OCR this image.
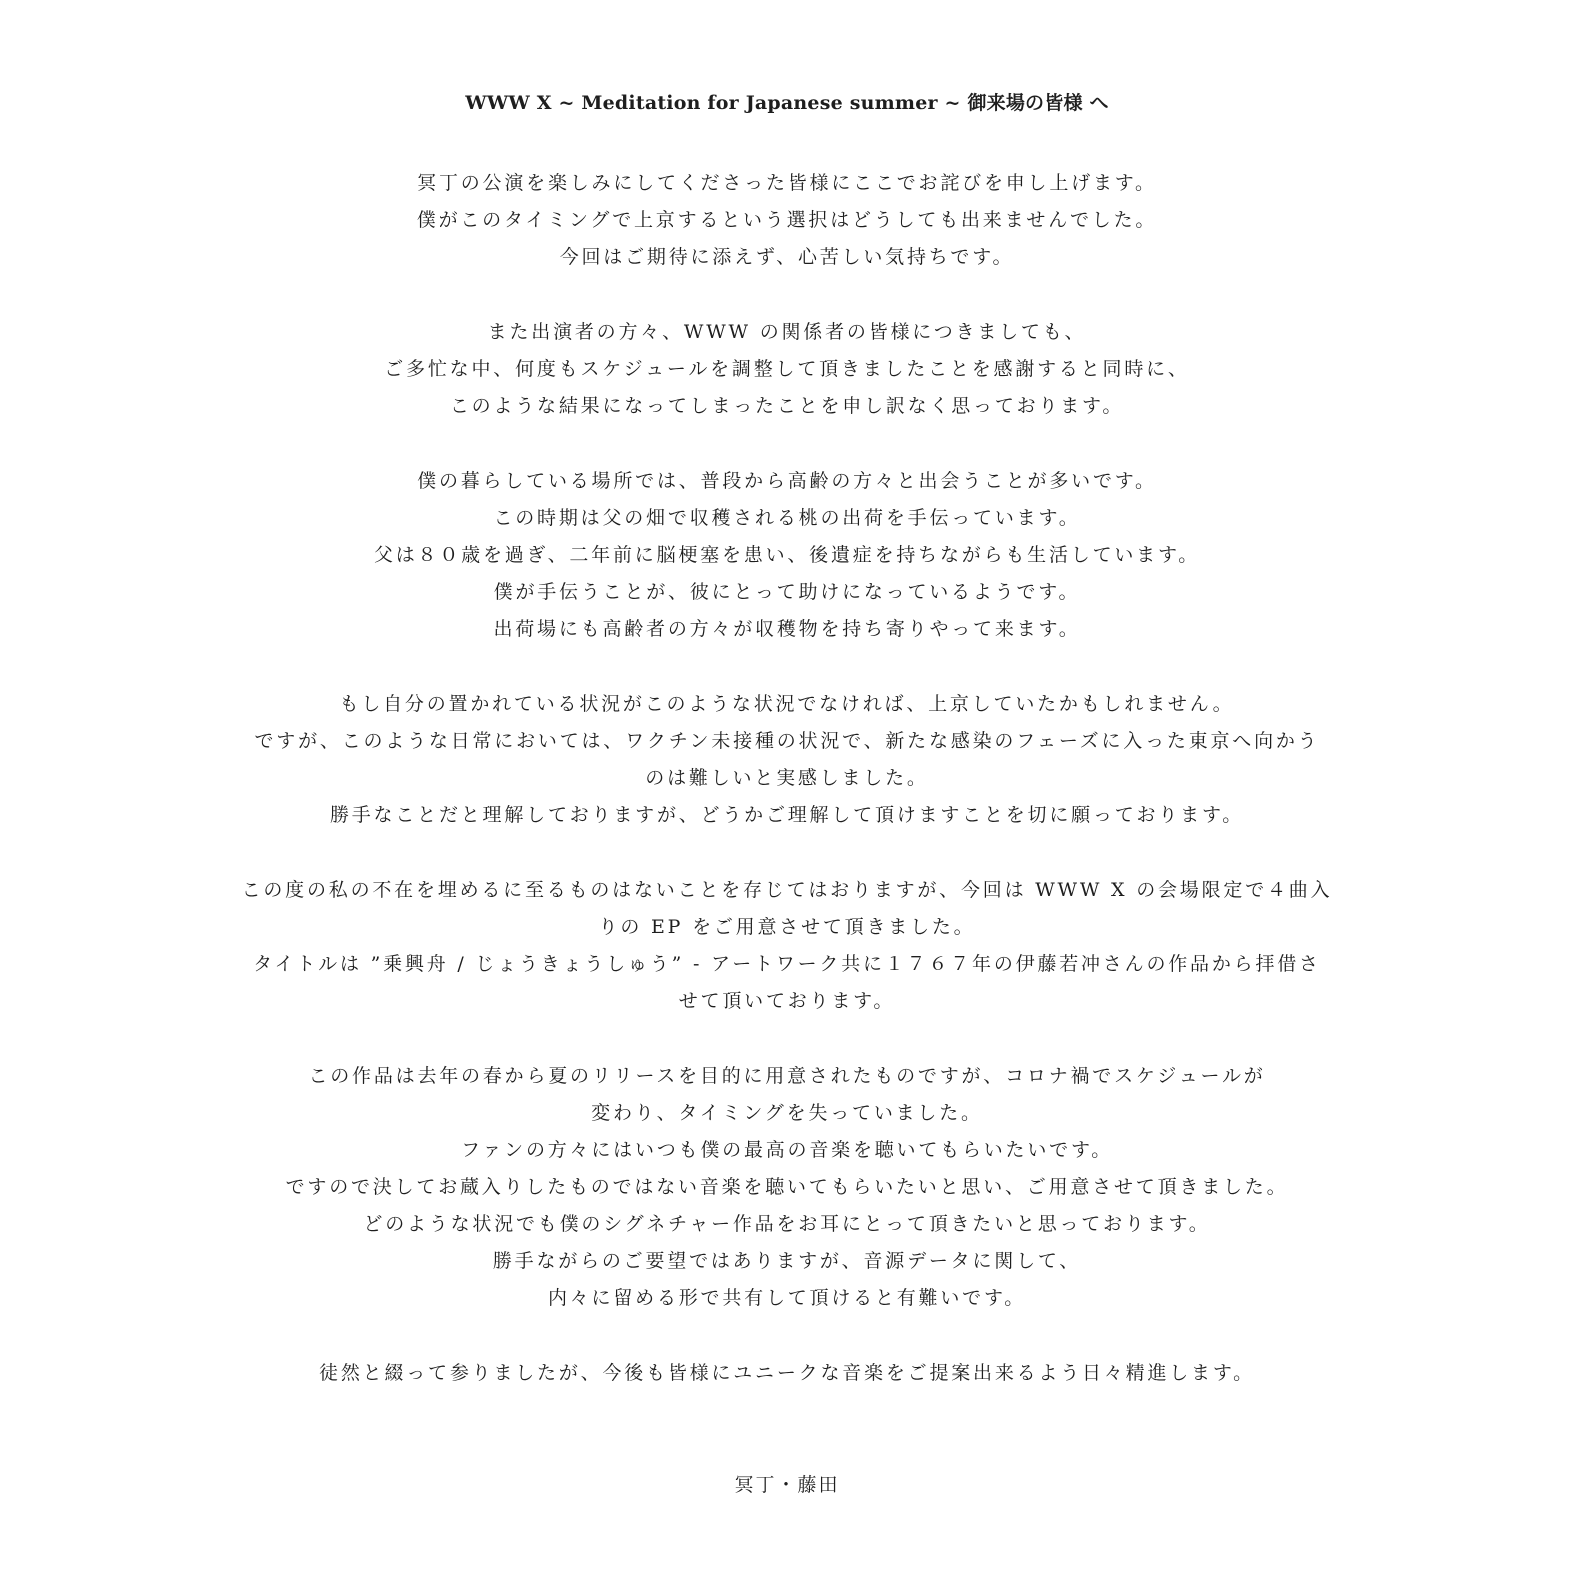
WWW X ~ Meditation for Japanese summer ~ 御来場の皆様 へ
冥丁の公演を楽しみにしてくださった皆様にここでお詫びを申し上げます。
僕がこのタイミングで上京するという選択はどうしても出来ませんでした。
今回はご期待に添えず、心苦しい気持ちです。
また出演者の方々、WWW の関係者の皆様につきましても、
ご多忙な中、何度もスケジュールを調整して頂きましたことを感謝すると同時に、
このような結果になってしまったことを申し訳なく思っております。
僕の暮らしている場所では、普段から高齢の方々と出会うことが多いです。
この時期は父の畑で収穫される桃の出荷を手伝っています。
父は８０歳を過ぎ、二年前に脳梗塞を患い、後遺症を持ちながらも生活しています。
僕が手伝うことが、彼にとって助けになっているようです。
出荷場にも高齢者の方々が収穫物を持ち寄りやって来ます。
もし自分の置かれている状況がこのような状況でなければ、上京していたかもしれません。
ですが、このような日常においては、ワクチン未接種の状況で、新たな感染のフェーズに入った東京へ向かう
のは難しいと実感しました。
勝手なことだと理解しておりますが、どうかご理解して頂けますことを切に願っております。
この度の私の不在を埋めるに至るものはないことを存じてはおりますが、今回は WWW X の会場限定で４曲入
りの EP をご用意させて頂きました。
タイトルは ”乗興舟 / じょうきょうしゅう” - アートワーク共に１７６７年の伊藤若冲さんの作品から拝借さ
せて頂いております。
この作品は去年の春から夏のリリースを目的に用意されたものですが、コロナ禍でスケジュールが
変わり、タイミングを失っていました。
ファンの方々にはいつも僕の最高の音楽を聴いてもらいたいです。
ですので決してお蔵入りしたものではない音楽を聴いてもらいたいと思い、ご用意させて頂きました。
どのような状況でも僕のシグネチャー作品をお耳にとって頂きたいと思っております。
勝手ながらのご要望ではありますが、音源データに関して、
内々に留める形で共有して頂けると有難いです。
徒然と綴って参りましたが、今後も皆様にユニークな音楽をご提案出来るよう日々精進します。
冥丁・藤田
